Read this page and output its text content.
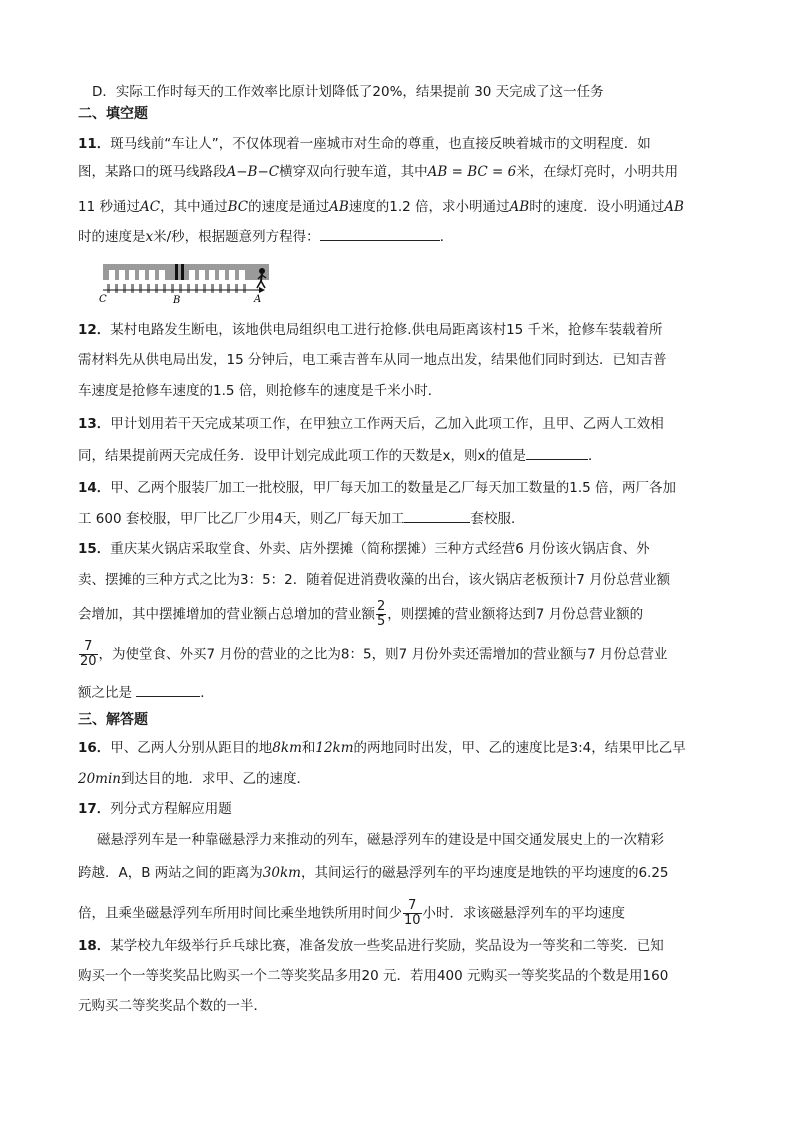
D．实际工作时每天的工作效率比原计划降低了20%，结果提前 30 天完成了这一任务
二、填空题
11．斑马线前“车让人”，不仅体现着一座城市对生命的尊重，也直接反映着城市的文明程度．如
图，某路口的斑马线路段A−B−C横穿双向行驶车道，其中AB = BC = 6米，在绿灯亮时，小明共用
11 秒通过AC，其中通过BC的速度是通过AB速度的1.2 倍，求小明通过AB时的速度．设小明通过AB
时的速度是x米/秒，根据题意列方程得：	．
C	B	A
12．某村电路发生断电，该地供电局组织电工进行抢修.供电局距离该村15 千米，抢修车装载着所
需材料先从供电局出发，15 分钟后，电工乘吉普车从同一地点出发，结果他们同时到达．已知吉普
车速度是抢修车速度的1.5 倍，则抢修车的速度是千米小时．
13．甲计划用若干天完成某项工作，在甲独立工作两天后，乙加入此项工作，且甲、乙两人工效相
同，结果提前两天完成任务．设甲计划完成此项工作的天数是x，则x的值是	．
14．甲、乙两个服装厂加工一批校服，甲厂每天加工的数量是乙厂每天加工数量的1.5 倍，两厂各加
工 600 套校服，甲厂比乙厂少用4天，则乙厂每天加工	套校服．
15．重庆某火锅店采取堂食、外卖、店外摆摊（简称摆摊）三种方式经营6 月份该火锅店食、外
卖、摆摊的三种方式之比为3：5：2．随着促进消费收藻的出台，该火锅店老板预计7 月份总营业额
会增加，其中摆摊增加的营业额占总增加的营业额 $\frac{2}{5}$ ，则摆摊的营业额将达到7 月份总营业额的
$\frac{7}{20}$ ，为使堂食、外买7 月份的营业的之比为8：5，则7 月份外卖还需增加的营业额与7 月份总营业
额之比是	．
三、解答题
16．甲、乙两人分别从距目的地8km和12km的两地同时出发，甲、乙的速度比是3:4，结果甲比乙早
20min到达目的地．求甲、乙的速度．
17．列分式方程解应用题
磁悬浮列车是一种靠磁悬浮力来推动的列车，磁悬浮列车的建设是中国交通发展史上的一次精彩
跨越．A，B 两站之间的距离为30km，其间运行的磁悬浮列车的平均速度是地铁的平均速度的6.25
倍，且乘坐磁悬浮列车所用时间比乘坐地铁所用时间少 $\frac{7}{10}$ 小时．求该磁悬浮列车的平均速度
18．某学校九年级举行乒乓球比赛，准备发放一些奖品进行奖励，奖品设为一等奖和二等奖．已知
购买一个一等奖奖品比购买一个二等奖奖品多用20 元．若用400 元购买一等奖奖品的个数是用160
元购买二等奖奖品个数的一半．
